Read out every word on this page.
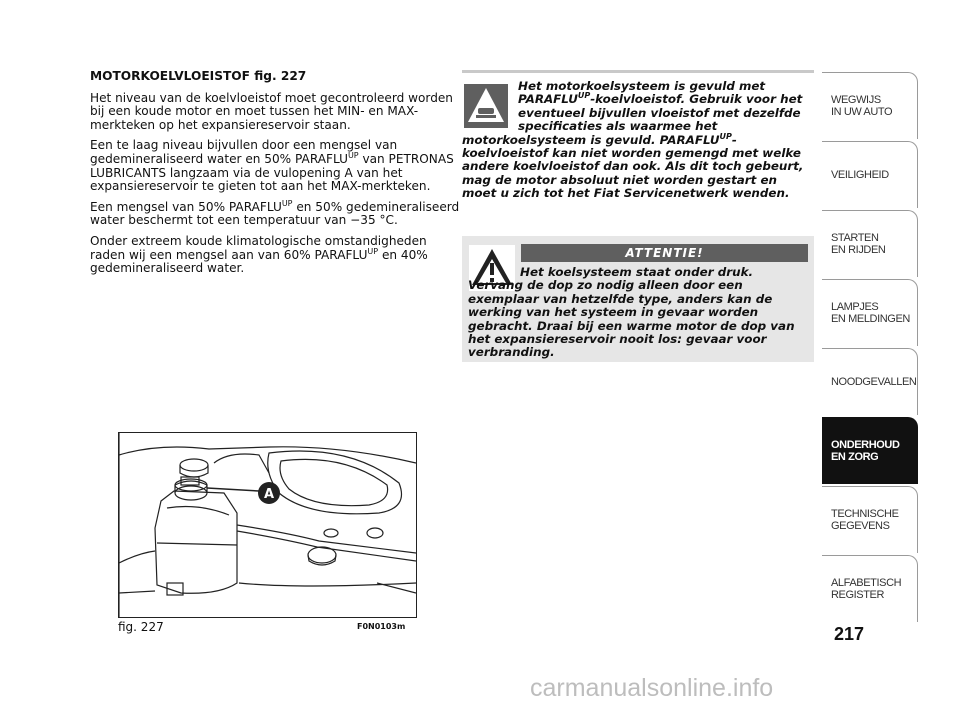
MOTORKOELVLOEISTOF fig. 227

Het niveau van de koelvloeistof moet gecontroleerd worden bij een koude motor en moet tussen het MIN- en MAX-merkteken op het expansiereservoir staan.

Een te laag niveau bijvullen door een mengsel van gedemineraliseerd water en 50% $PARAFLU^{UP}$ van PETRONAS LUBRICANTS langzaam via de vulopening A van het expansiereservoir te gieten tot aan het MAX-merkteken.

Een mengsel van 50% $PARAFLU^{UP}$ en 50% gedemineraliseerd water beschermt tot een temperatuur van −35 °C.

Onder extreem koude klimatologische omstandigheden raden wij een mengsel aan van 60% $PARAFLU^{UP}$ en 40% gedemineraliseerd water.

Het motorkoelsysteem is gevuld met $PARAFLU^{UP}$-koelvloeistof. Gebruik voor het eventueel bijvullen vloeistof met dezelfde specificaties als waarmee het motorkoelsysteem is gevuld. $PARAFLU^{UP}$-koelvloeistof kan niet worden gemengd met welke andere koelvloeistof dan ook. Als dit toch gebeurt, mag de motor absoluut niet worden gestart en moet u zich tot het Fiat Servicenetwerk wenden.
ATTENTIE!
Het koelsysteem staat onder druk. Vervang de dop zo nodig alleen door een exemplaar van hetzelfde type, anders kan de werking van het systeem in gevaar worden gebracht. Draai bij een warme motor de dop van het expansiereservoir nooit los: gevaar voor verbranding.
A
fig. 227	F0N0103m
WEGWIJS
IN UW AUTO
VEILIGHEID
STARTEN
EN RIJDEN
LAMPJES
EN MELDINGEN
NOODGEVALLEN
ONDERHOUD
EN ZORG
TECHNISCHE
GEGEVENS
ALFABETISCH
REGISTER
217
carmanualsonline.info
